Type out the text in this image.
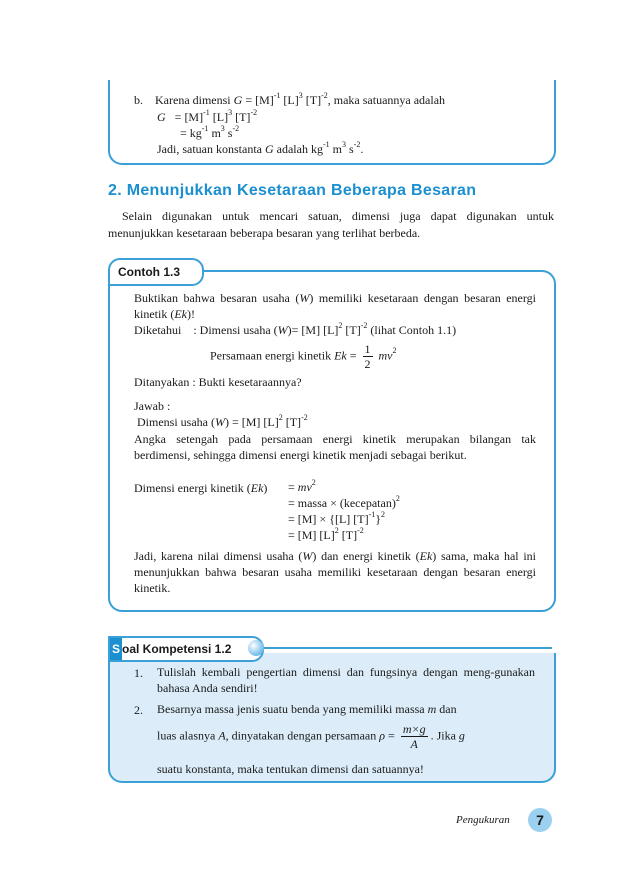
b. Karena dimensi $G = [M]^{-1}$ $[L]^3$ $[T]^{-2}$, maka satuannya adalah
$G = [M]^{-1}$ $[L]^3$ $[T]^{-2}$
= $kg^{-1}$ $m^3$ $s^{-2}$
Jadi, satuan konstanta G adalah $kg^{-1}$ $m^3$ $s^{-2}$.
2. Menunjukkan Kesetaraan Beberapa Besaran
Selain digunakan untuk mencari satuan, dimensi juga dapat digunakan untuk menunjukkan kesetaraan beberapa besaran yang terlihat berbeda.
Contoh 1.3
Buktikan bahwa besaran usaha (W) memiliki kesetaraan dengan besaran energi kinetik (Ek)!
Diketahui : Dimensi usaha (W)= [M] $[L]^2$ $[T]^{-2}$ (lihat Contoh 1.1)
Persamaan energi kinetik $Ek = \frac{1}{2} mv^2$
Ditanyakan : Bukti kesetaraannya?
Jawab :
Dimensi usaha (W) = [M] $[L]^2$ $[T]^{-2}$
Angka setengah pada persamaan energi kinetik merupakan bilangan tak berdimensi, sehingga dimensi energi kinetik menjadi sebagai berikut.
Dimensi energi kinetik (Ek)	= $mv^2$
= massa × (kecepatan)$^2$
= [M] × {[L] $[T]^{-1}\}^2$
= [M] $[L]^2$ $[T]^{-2}$
Jadi, karena nilai dimensi usaha (W) dan energi kinetik (Ek) sama, maka hal ini menunjukkan bahwa besaran usaha memiliki kesetaraan dengan besaran energi kinetik.
S oal Kompetensi 1.2
1. Tulislah kembali pengertian dimensi dan fungsinya dengan meng-gunakan bahasa Anda sendiri!
2. Besarnya massa jenis suatu benda yang memiliki massa m dan
luas alasnya A, dinyatakan dengan persamaan $\rho = \frac{m\times g}{A}$ . Jika g
suatu konstanta, maka tentukan dimensi dan satuannya!
Pengukuran	7
